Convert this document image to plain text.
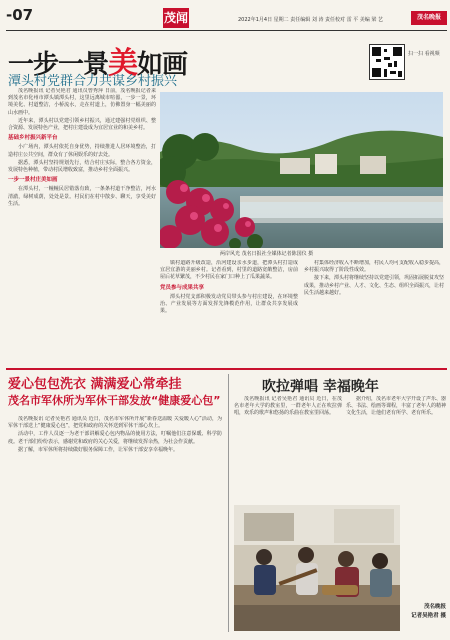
-07	茂闻	2022年1月4日 星期二 责任编辑 刘 涛 责任校对 雷 平 美编 梁 艺	茂名晚报
一步一景美如画
潭头村党群合力共谋乡村振兴
扫一扫 看视频

茂名晚报讯 记者吴艳君 通讯员曾秀萍 日前，茂名晚报记者来到茂名市化州市潭头镇潭头村，这里远离城市喧嚣，一步一景，环境美化、村道整洁，小桥流水，走在村道上，仿佛置身一幅美丽的山水画中。

近年来，潭头村以党建引领乡村振兴，通过建强村党组织、整合资源、发展特色产业，把村庄建设成为宜居宜业的和美乡村。

基础乡村振兴新平台

小广场内，潭头村依托自身优势，持续推进人居环境整治，打造村庄公共空间，群众有了休闲娱乐的好去处。

据悉，潭头村坚持规划先行，结合村庄实际，整合各方资金，发展特色种植，带动村民增收致富，推动乡村全面振兴。

一步一景村庄美如画

在潭头村，一幢幢民居错落有致，一条条村道干净整洁，河水清澈，绿树成荫，处处是景。村民们在村中散步、聊天，享受美好生活。

两岸风光 茂名日报社全媒体记者陈国仪 摄

镇村道路升级改造，沿河建设亲水步道，把潭头村打造成宜居宜游的美丽乡村。记者看到，村里的道路宽敞整洁，房前屋后花草繁茂，不少村民在家门口种上了瓜果蔬菜。

党员参与成果共享

潭头村党支部积极发动党员带头参与村庄建设，在环境整治、产业发展等方面发挥先锋模范作用，让群众共享发展成果。

村集体经济收入不断增加，村民人均可支配收入稳步提高，乡村振兴取得了阶段性成效。

接下来，潭头村将继续坚持以党建引领，巩固拓展脱贫攻坚成果，推动乡村产业、人才、文化、生态、组织全面振兴，让村民生活越来越好。

爱心包包洗衣 满满爱心常牵挂
茂名市军休所为军休干部发放“健康爱心包”

茂名晚报讯 记者吴艳君 通讯员 近日，茂名市军休所开展“新春送温暖 关爱暖人心”活动，为军休干部送上“健康爱心包”，把党和政府的关怀送到军休干部心坎上。

活动中，工作人员逐一为老干部讲解爱心包内物品的使用方法，叮嘱他们注意保暖、科学防疫。老干部们纷纷表示，感谢党和政府的关心关爱，将继续发挥余热，为社会作贡献。

据了解，市军休所将持续做好服务保障工作，让军休干部安享幸福晚年。

吹拉弹唱 幸福晚年

茂名晚报讯 记者吴艳君 通讯员 近日，在茂名市老年大学的教室里，一群老年人正在吹拉弹唱，欢乐的歌声和悠扬的乐曲在教室里回荡。

据介绍，茂名市老年大学开设了声乐、器乐、书法、绘画等课程，丰富了老年人的精神文化生活，让他们老有所学、老有所乐。

茂名晚报
记者吴艳君 摄
